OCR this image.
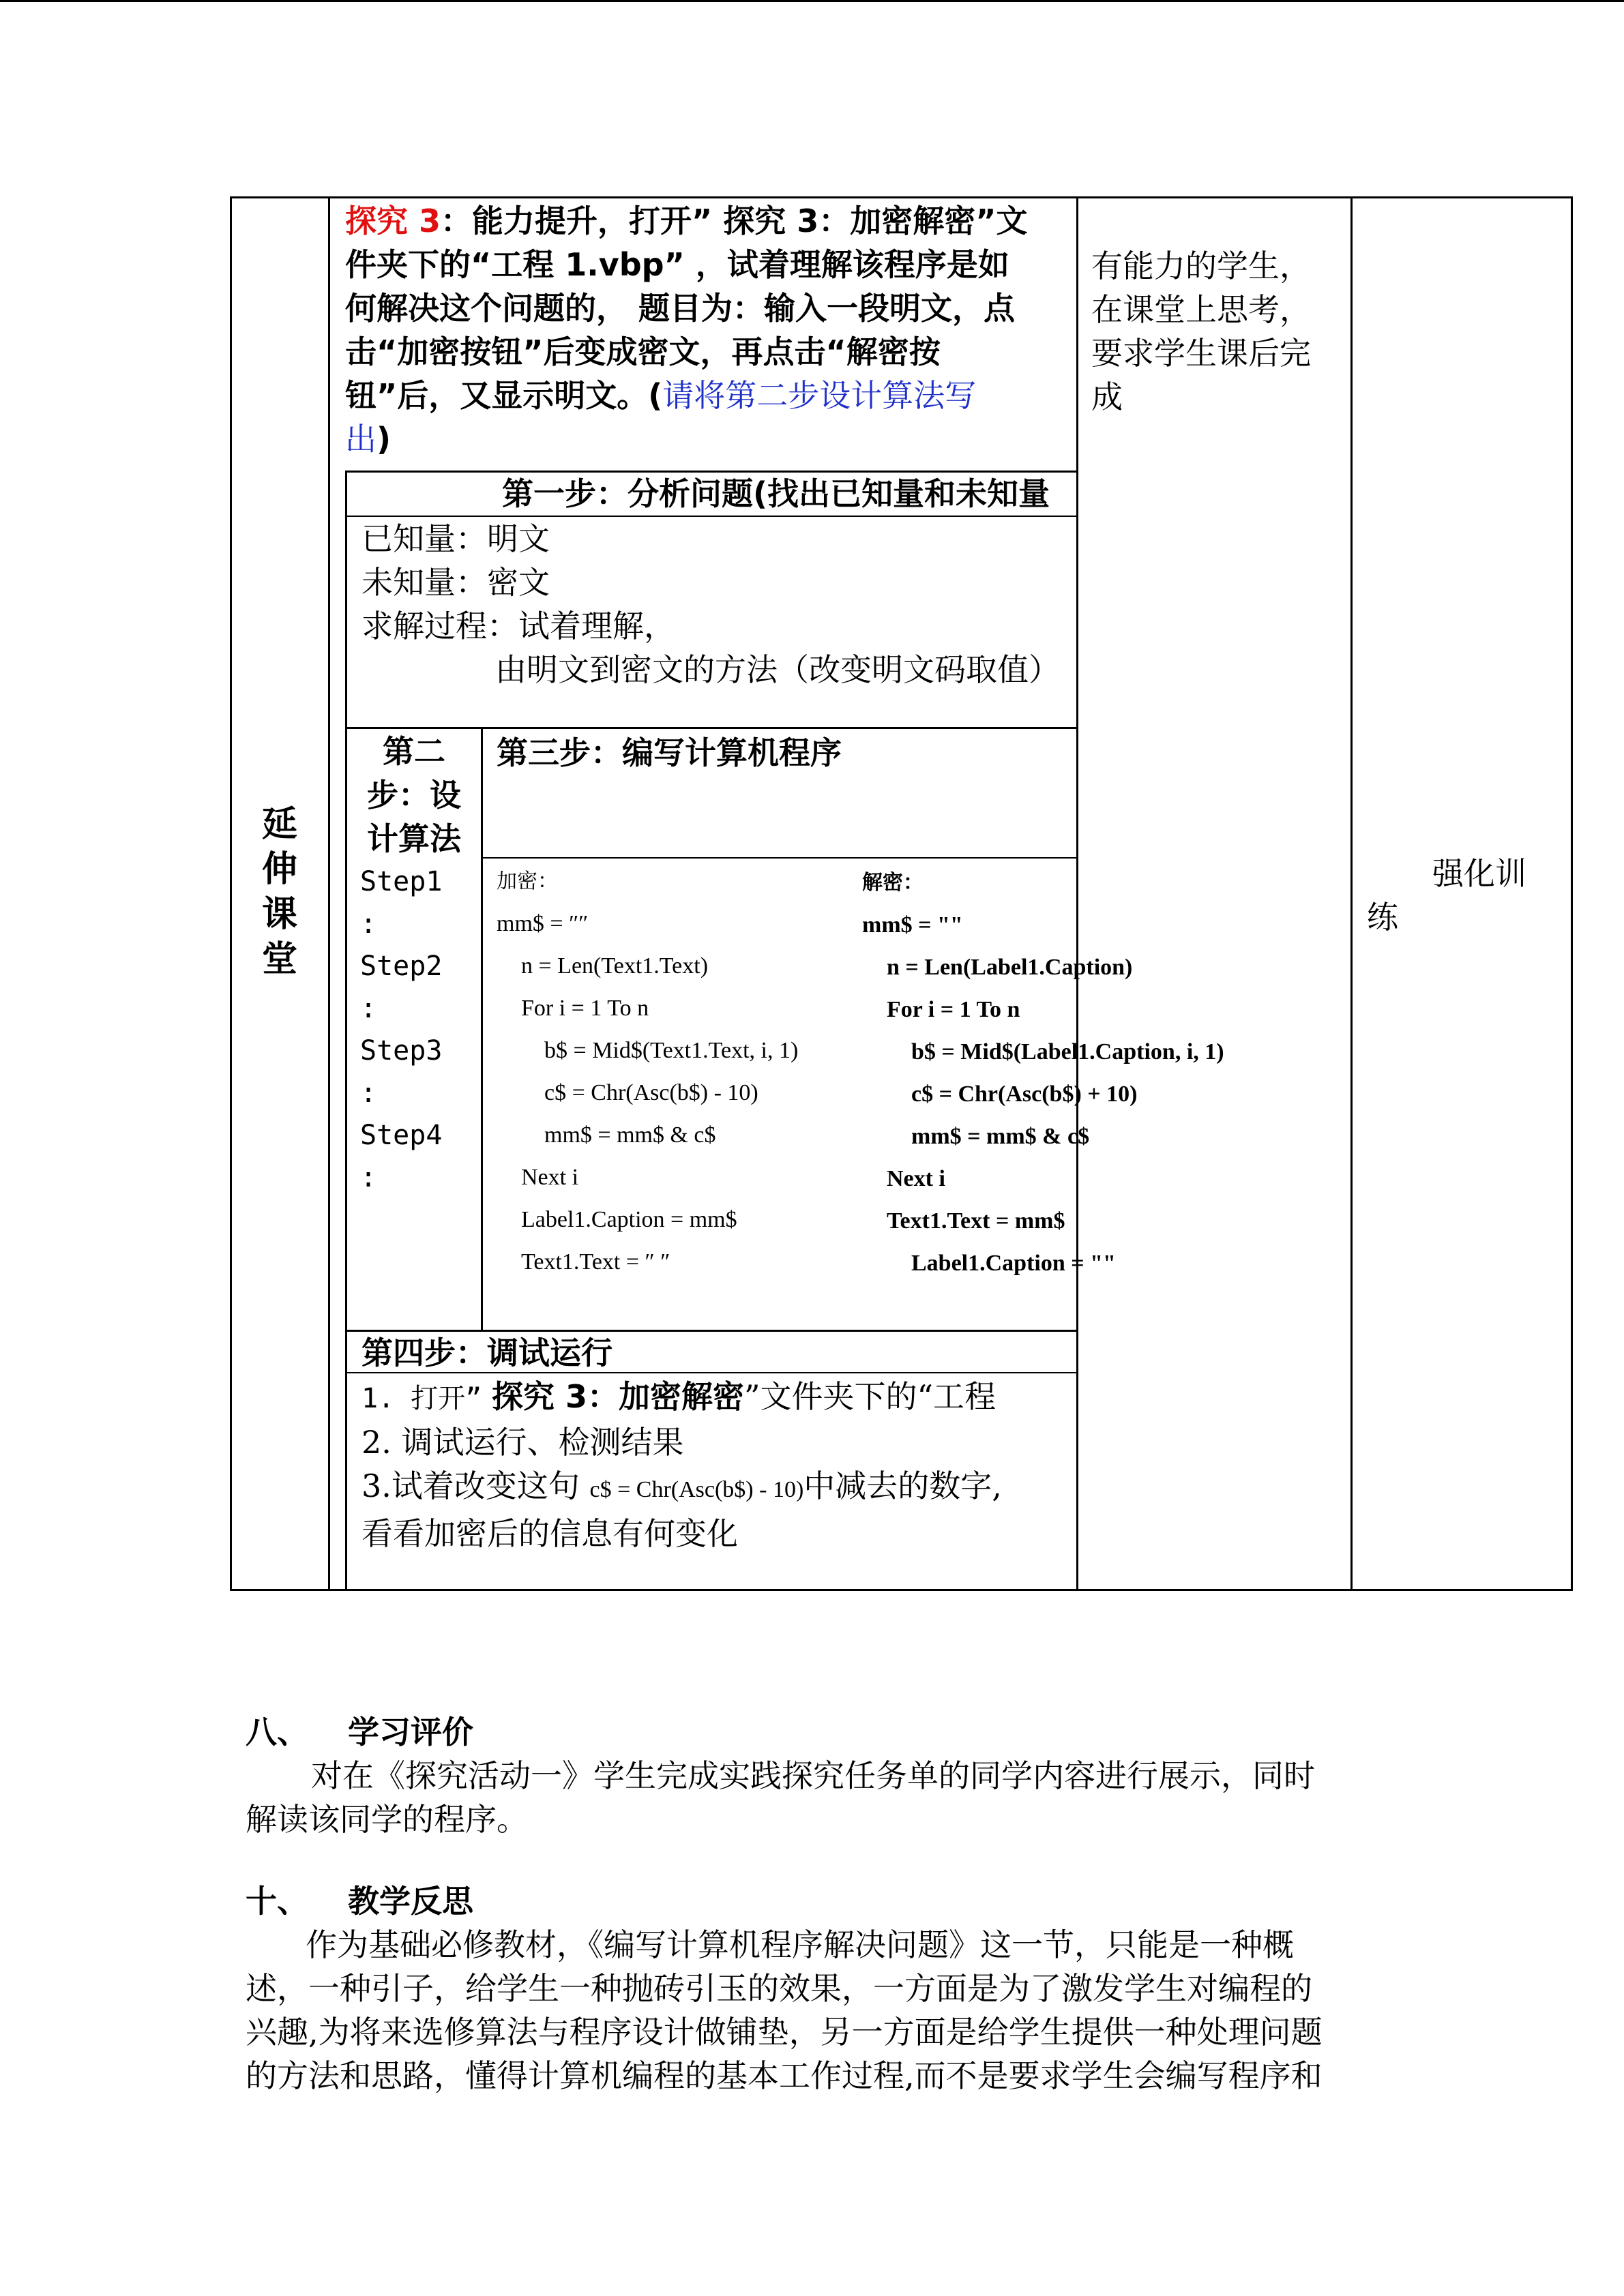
延
伸
课
堂
探究 3：能力提升，打开” 探究 3：加密解密”文
件夹下的“工程 1.vbp” ，试着理解该程序是如
何解决这个问题的， 题目为：输入一段明文，点
击“加密按钮”后变成密文，再点击“解密按
钮”后，又显示明文。(请将第二步设计算法写
出)
有能力的学生，
在课堂上思考，
要求学生课后完
成
强化训
练
第一步：分析问题(找出已知量和未知量
已知量：明文
未知量：密文
求解过程：试着理解，
由明文到密文的方法（改变明文码取值）
第二
步：设
计算法
Step1
:
Step2
:
Step3
:
Step4
:
第三步：编写计算机程序
加密：
mm$ = ″″
n = Len(Text1.Text)
For i = 1 To n
b$ = Mid$(Text1.Text, i, 1)
c$ = Chr(Asc(b$) - 10)
mm$ = mm$ & c$
Next i
Label1.Caption = mm$
Text1.Text = ″ ″
解密：
mm$ = ""
n = Len(Label1.Caption)
For i = 1 To n
b$ = Mid$(Label1.Caption, i, 1)
c$ = Chr(Asc(b$) + 10)
mm$ = mm$ & c$
Next i
Text1.Text = mm$
Label1.Caption = ""
第四步：调试运行
1. 打开” 探究 3：加密解密”文件夹下的“工程
2. 调试运行、检测结果
3.试着改变这句 c$ = Chr(Asc(b$) - 10)中减去的数字,
看看加密后的信息有何变化
八、 学习评价
对在《探究活动一》学生完成实践探究任务单的同学内容进行展示，同时
解读该同学的程序。
十、 教学反思
作为基础必修教材，《编写计算机程序解决问题》这一节，只能是一种概
述，一种引子，给学生一种抛砖引玉的效果，一方面是为了激发学生对编程的
兴趣,为将来选修算法与程序设计做铺垫，另一方面是给学生提供一种处理问题
的方法和思路，懂得计算机编程的基本工作过程,而不是要求学生会编写程序和
